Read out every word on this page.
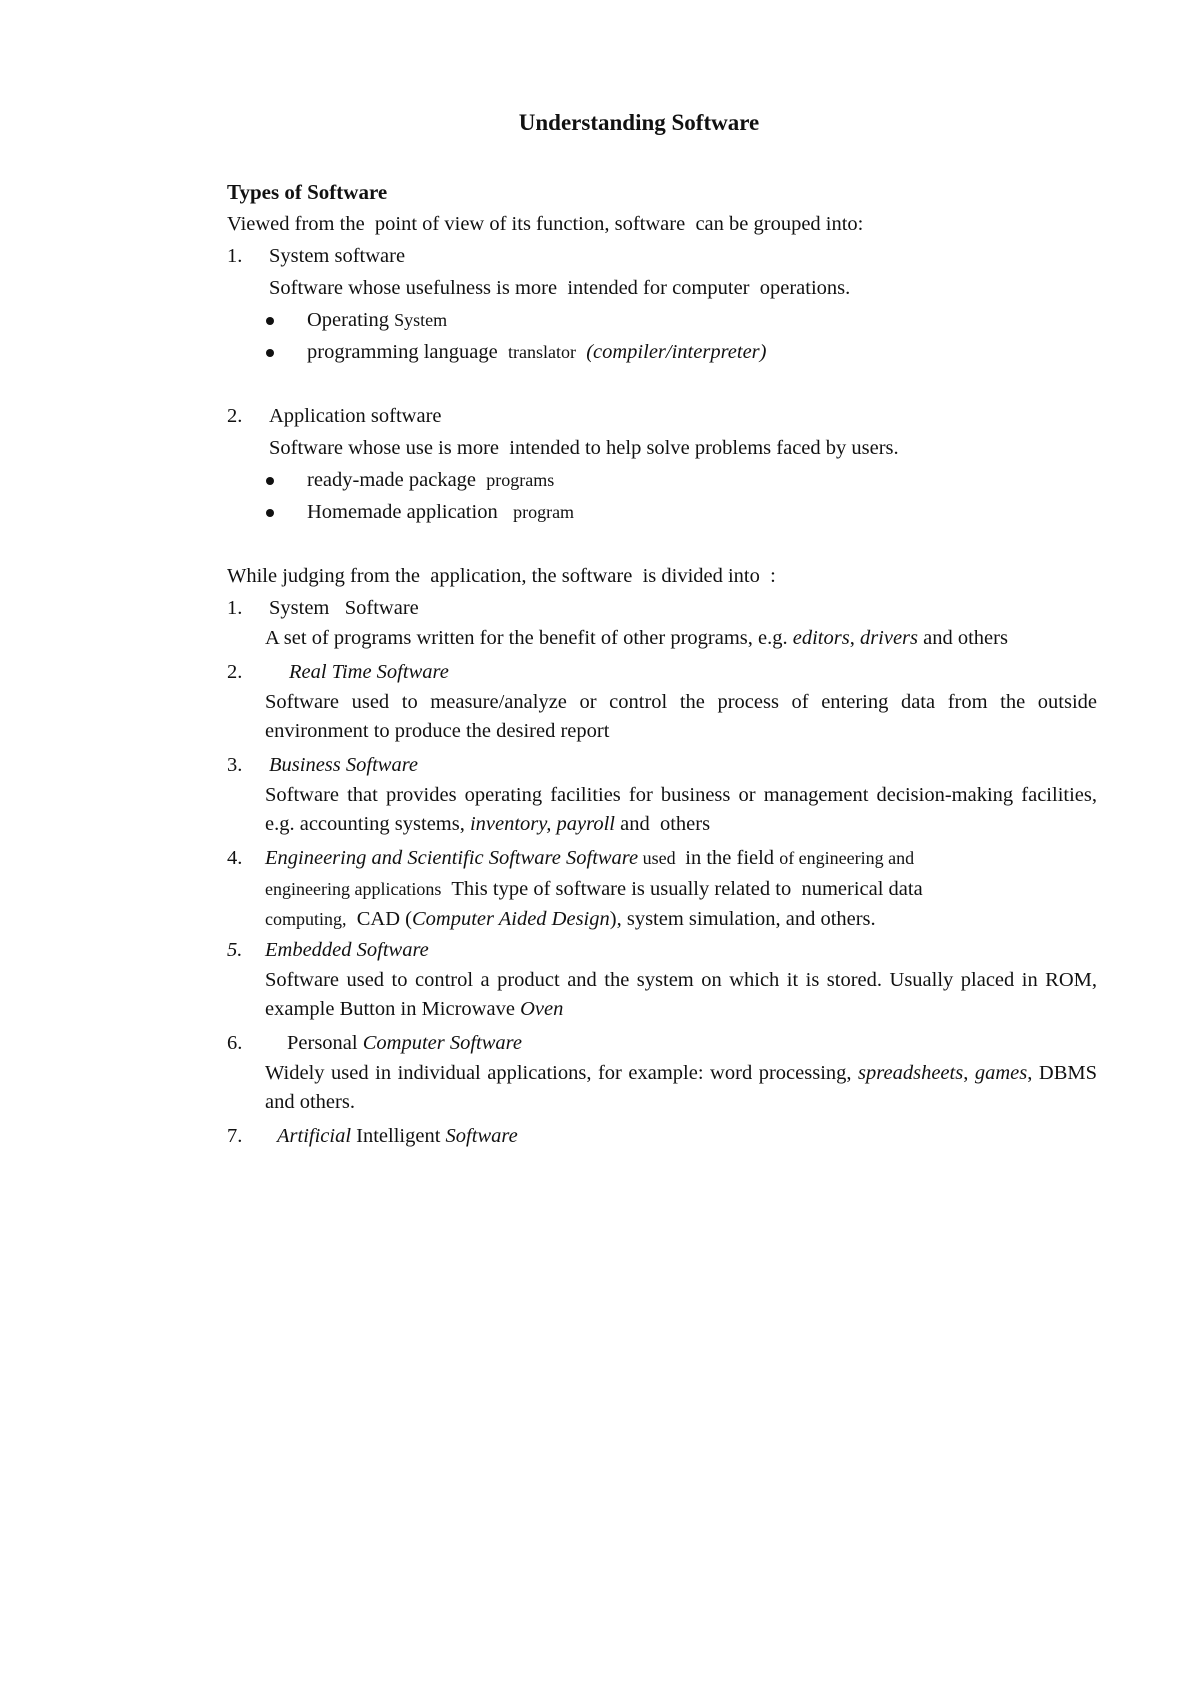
Understanding Software
Types of Software
Viewed from the  point of view of its function, software  can be grouped into:
1. System software
Software whose usefulness is more  intended for computer  operations.
Operating System
programming language  translator  (compiler/interpreter)
2. Application software
Software whose use is more  intended to help solve problems faced by users.
ready-made package  programs
Homemade application   program
While judging from the  application, the software  is divided into  :
1. System   Software
A set of programs written for the benefit of other programs, e.g. editors, drivers and others
2. Real Time Software
Software used to measure/analyze or control the process of entering data from the outside environment to produce the desired report
3. Business Software
Software that provides operating facilities for business or management decision-making facilities, e.g. accounting systems, inventory, payroll and  others
4. Engineering and Scientific Software Software used  in the field of engineering and
engineering applications  This type of software is usually related to  numerical data
computing,  CAD (Computer Aided Design), system simulation, and others.
5. Embedded Software
Software used to control a product and the system on which it is stored. Usually placed in ROM, example Button in Microwave Oven
6. Personal Computer Software
Widely used in individual applications, for example: word processing, spreadsheets, games, DBMS and others.
7. Artificial Intelligent Software
